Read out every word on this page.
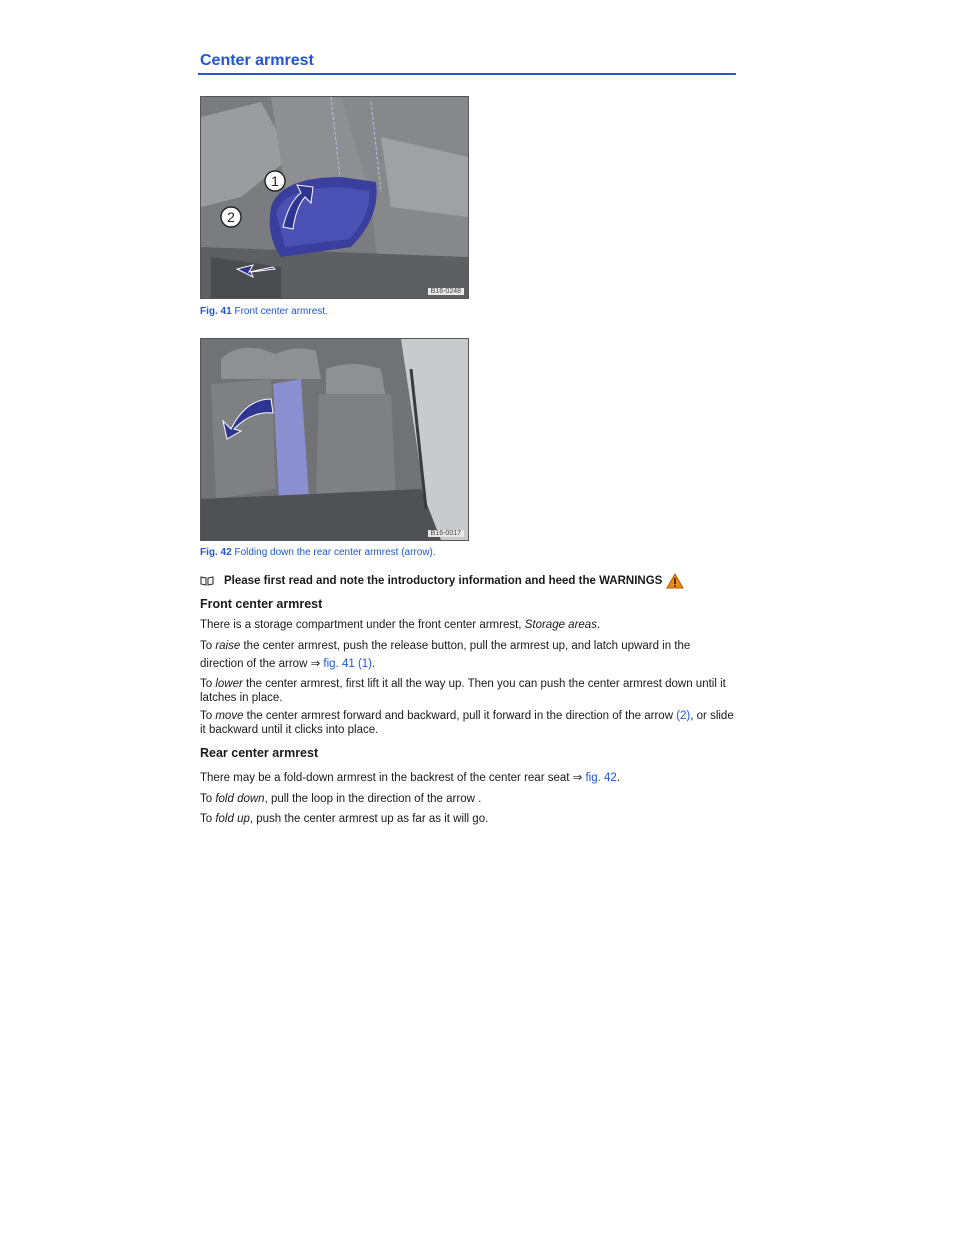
Center armrest
1
2
B16-0248
Fig. 41 Front center armrest.
B16-0017
Fig. 42 Folding down the rear center armrest (arrow).
Please first read and note the introductory information and heed the WARNINGS
Front center armrest
There is a storage compartment under the front center armrest, Storage areas.
To raise the center armrest, push the release button, pull the armrest up, and latch upward in the
direction of the arrow ⇒ fig. 41 (1).
To lower the center armrest, first lift it all the way up. Then you can push the center armrest down until it latches in place.
To move the center armrest forward and backward, pull it forward in the direction of the arrow (2), or slide it backward until it clicks into place.
Rear center armrest
There may be a fold-down armrest in the backrest of the center rear seat ⇒ fig. 42.
To fold down, pull the loop in the direction of the arrow .
To fold up, push the center armrest up as far as it will go.
